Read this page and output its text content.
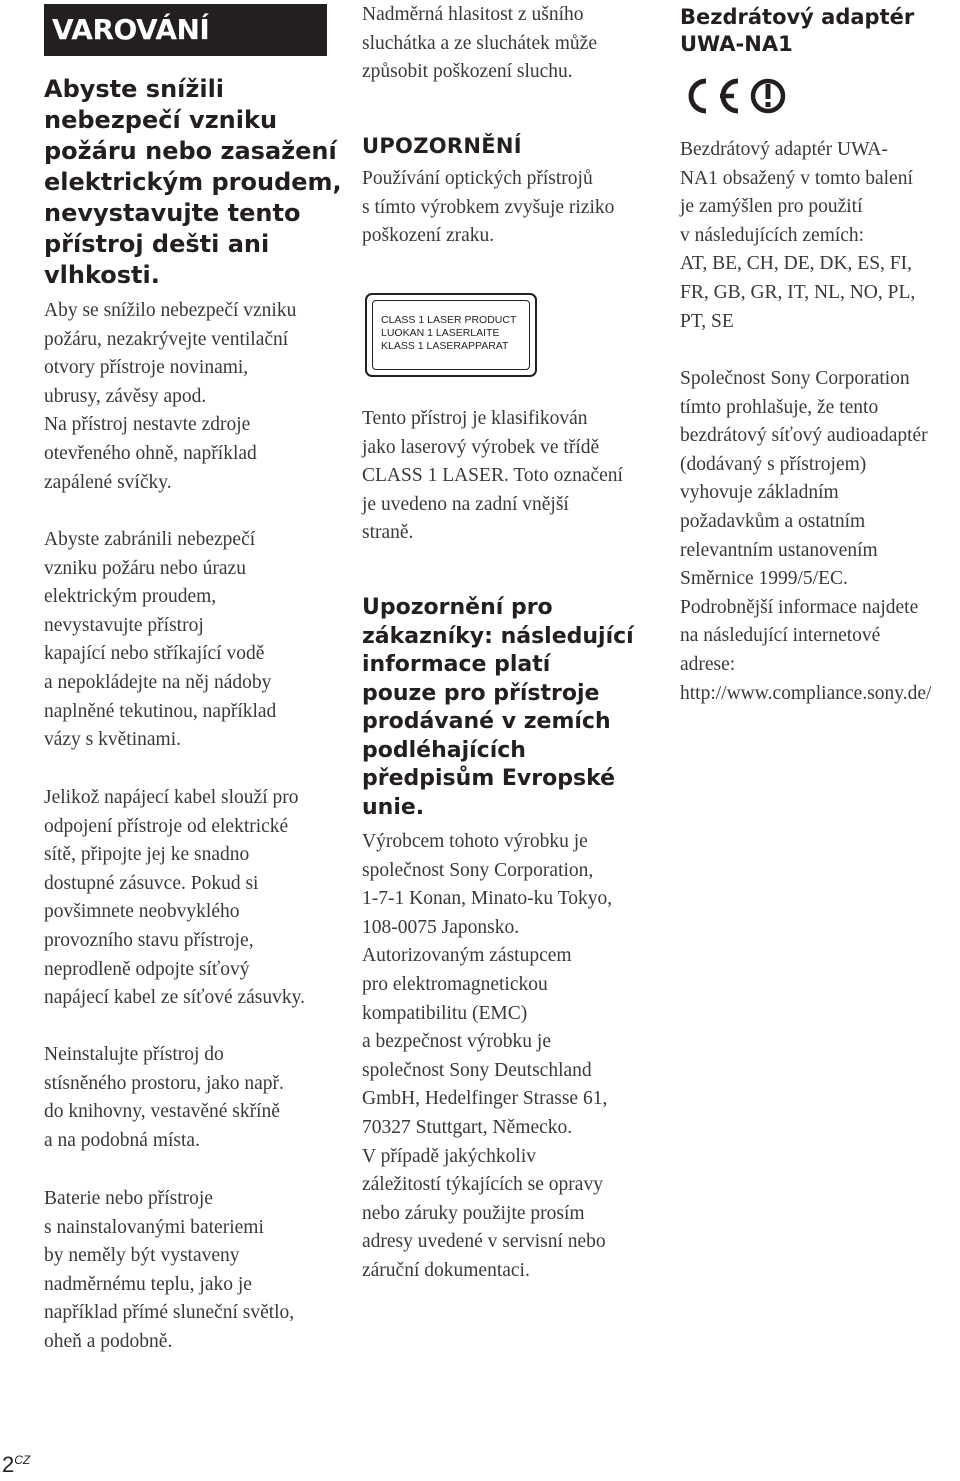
VAROVÁNÍ
Abyste snížili
nebezpečí vzniku
požáru nebo zasažení
elektrickým proudem,
nevystavujte tento
přístroj dešti ani
vlhkosti.
Aby se snížilo nebezpečí vzniku
požáru, nezakrývejte ventilační
otvory přístroje novinami,
ubrusy, závěsy apod.
Na přístroj nestavte zdroje
otevřeného ohně, například
zapálené svíčky.
Abyste zabránili nebezpečí
vzniku požáru nebo úrazu
elektrickým proudem,
nevystavujte přístroj
kapající nebo stříkající vodě
a nepokládejte na něj nádoby
naplněné tekutinou, například
vázy s květinami.
Jelikož napájecí kabel slouží pro
odpojení přístroje od elektrické
sítě, připojte jej ke snadno
dostupné zásuvce. Pokud si
povšimnete neobvyklého
provozního stavu přístroje,
neprodleně odpojte síťový
napájecí kabel ze síťové zásuvky.
Neinstalujte přístroj do
stísněného prostoru, jako např.
do knihovny, vestavěné skříně
a na podobná místa.
Baterie nebo přístroje
s nainstalovanými bateriemi
by neměly být vystaveny
nadměrnému teplu, jako je
například přímé sluneční světlo,
oheň a podobně.
Nadměrná hlasitost z ušního
sluchátka a ze sluchátek může
způsobit poškození sluchu.
UPOZORNĚNÍ
Používání optických přístrojů
s tímto výrobkem zvyšuje riziko
poškození zraku.
CLASS 1 LASER PRODUCT
LUOKAN 1 LASERLAITE
KLASS 1 LASERAPPARAT
Tento přístroj je klasifikován
jako laserový výrobek ve třídě
CLASS 1 LASER. Toto označení
je uvedeno na zadní vnější
straně.
Upozornění pro
zákazníky: následující
informace platí
pouze pro přístroje
prodávané v zemích
podléhajících
předpisům Evropské
unie.
Výrobcem tohoto výrobku je
společnost Sony Corporation,
1-7-1 Konan, Minato-ku Tokyo,
108-0075 Japonsko.
Autorizovaným zástupcem
pro elektromagnetickou
kompatibilitu (EMC)
a bezpečnost výrobku je
společnost Sony Deutschland
GmbH, Hedelfinger Strasse 61,
70327 Stuttgart, Německo.
V případě jakýchkoliv
záležitostí týkajících se opravy
nebo záruky použijte prosím
adresy uvedené v servisní nebo
záruční dokumentaci.
Bezdrátový adaptér
UWA-NA1
Bezdrátový adaptér UWA-
NA1 obsažený v tomto balení
je zamýšlen pro použití
v následujících zemích:
AT, BE, CH, DE, DK, ES, FI,
FR, GB, GR, IT, NL, NO, PL,
PT, SE
Společnost Sony Corporation
tímto prohlašuje, že tento
bezdrátový síťový audioadaptér
(dodávaný s přístrojem)
vyhovuje základním
požadavkům a ostatním
relevantním ustanovením
Směrnice 1999/5/EC.
Podrobnější informace najdete
na následující internetové
adrese:
http://www.compliance.sony.de/
2$^{CZ}$
